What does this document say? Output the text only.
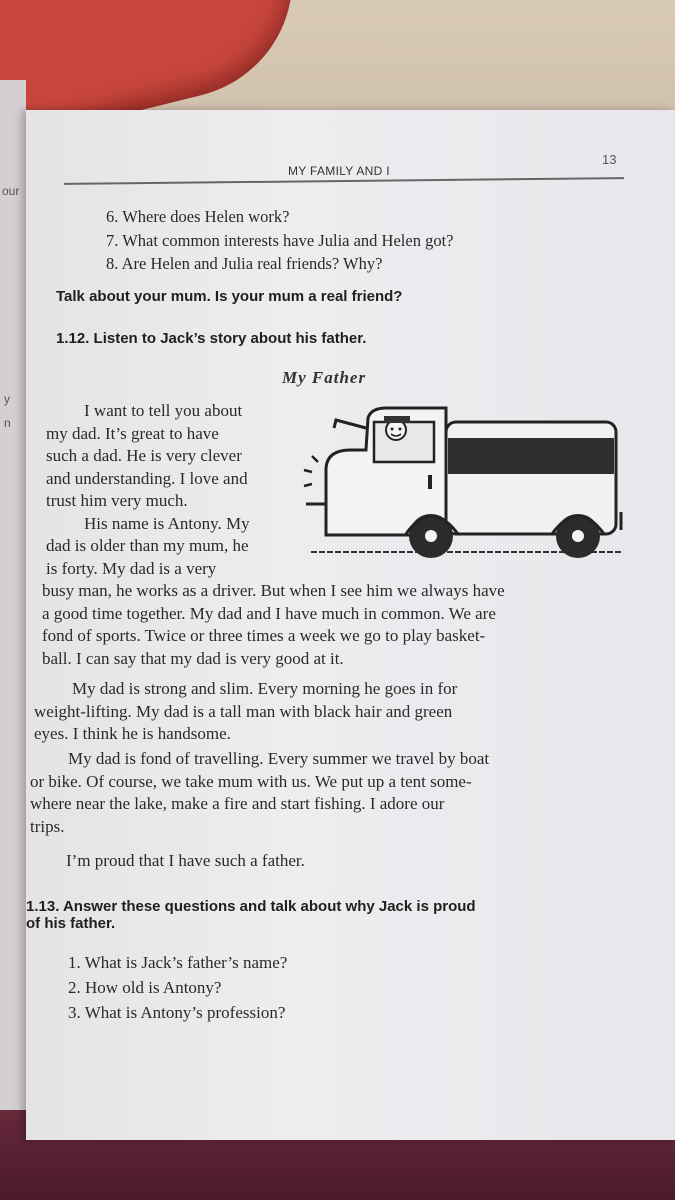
our
y
n
MY FAMILY AND I
13
6. Where does Helen work?
7. What common interests have Julia and Helen got?
8. Are Helen and Julia real friends? Why?
Talk about your mum. Is your mum a real friend?
1.12. Listen to Jack’s story about his father.
My Father

I want to tell you about

my dad. It’s great to have

such a dad. He is very clever

and understanding. I love and

trust him very much.

His name is Antony. My

dad is older than my mum, he

is forty. My dad is a very

busy man, he works as a driver. But when I see him we always have

a good time together. My dad and I have much in common. We are

fond of sports. Twice or three times a week we go to play basket-

ball. I can say that my dad is very good at it.

My dad is strong and slim. Every morning he goes in for

weight-lifting. My dad is a tall man with black hair and green

eyes. I think he is handsome.

My dad is fond of travelling. Every summer we travel by boat

or bike. Of course, we take mum with us. We put up a tent some-

where near the lake, make a fire and start fishing. I adore our

trips.

I’m proud that I have such a father.
1.13. Answer these questions and talk about why Jack is proud
of his father.
1. What is Jack’s father’s name?
2. How old is Antony?
3. What is Antony’s profession?
